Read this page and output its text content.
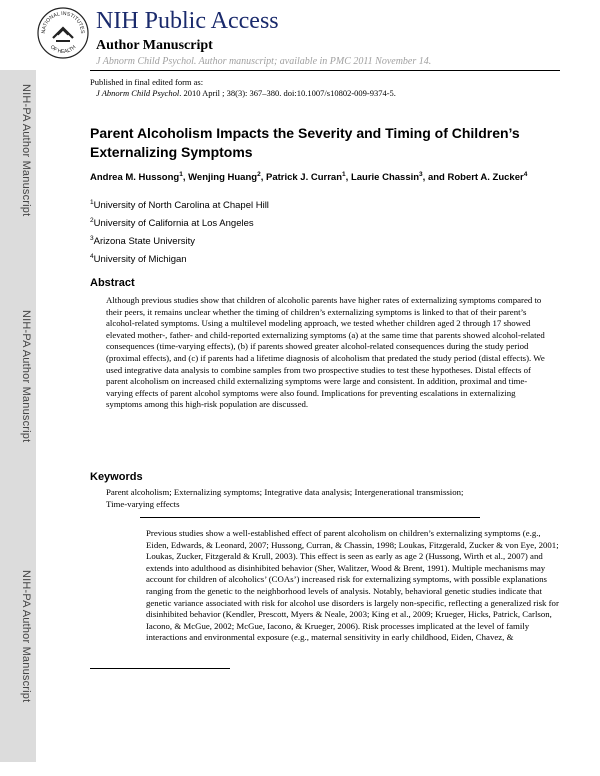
NIH-PA Author Manuscript
NIH-PA Author Manuscript
NIH-PA Author Manuscript
NATIONAL INSTITUTES
OF HEALTH
NIH Public Access
Author Manuscript
J Abnorm Child Psychol. Author manuscript; available in PMC 2011 November 14.
Published in final edited form as:
J Abnorm Child Psychol. 2010 April ; 38(3): 367–380. doi:10.1007/s10802-009-9374-5.
Parent Alcoholism Impacts the Severity and Timing of Children’s Externalizing Symptoms
Andrea M. Hussong$^1$, Wenjing Huang$^2$, Patrick J. Curran$^1$, Laurie Chassin$^3$, and Robert A. Zucker$^4$
$^1$University of North Carolina at Chapel Hill
$^2$University of California at Los Angeles
$^3$Arizona State University
$^4$University of Michigan
Abstract
Although previous studies show that children of alcoholic parents have higher rates of externalizing symptoms compared to their peers, it remains unclear whether the timing of children’s externalizing symptoms is linked to that of their parent’s alcohol-related symptoms. Using a multilevel modeling approach, we tested whether children aged 2 through 17 showed elevated mother-, father- and child-reported externalizing symptoms (a) at the same time that parents showed alcohol-related consequences (time-varying effects), (b) if parents showed greater alcohol-related consequences during the study period (proximal effects), and (c) if parents had a lifetime diagnosis of alcoholism that predated the study period (distal effects). We used integrative data analysis to combine samples from two prospective studies to test these hypotheses. Distal effects of parent alcoholism on increased child externalizing symptoms were large and consistent. In addition, proximal and time-varying effects of parent alcohol symptoms were also found. Implications for preventing escalations in externalizing symptoms among this high-risk population are discussed.
Keywords
Parent alcoholism; Externalizing symptoms; Integrative data analysis; Intergenerational transmission; Time-varying effects
Previous studies show a well-established effect of parent alcoholism on children’s externalizing symptoms (e.g., Eiden, Edwards, & Leonard, 2007; Hussong, Curran, & Chassin, 1998; Loukas, Fitzgerald, Zucker & von Eye, 2001; Loukas, Zucker, Fitzgerald & Krull, 2003). This effect is seen as early as age 2 (Hussong, Wirth et al., 2007) and extends into adulthood as disinhibited behavior (Sher, Walitzer, Wood & Brent, 1991). Multiple mechanisms may account for children of alcoholics’ (COAs’) increased risk for externalizing symptoms, with possible explanations ranging from the genetic to the neighborhood levels of analysis. Notably, behavioral genetic studies indicate that genetic variance associated with risk for alcohol use disorders is largely non-specific, reflecting a generalized risk for disinhibited behavior (Kendler, Prescott, Myers & Neale, 2003; King et al., 2009; Krueger, Hicks, Patrick, Carlson, Iacono, & McGue, 2002; McGue, Iacono, & Krueger, 2006). Risk processes implicated at the level of family interactions and environmental exposure (e.g., maternal sensitivity in early childhood, Eiden, Chavez, &
